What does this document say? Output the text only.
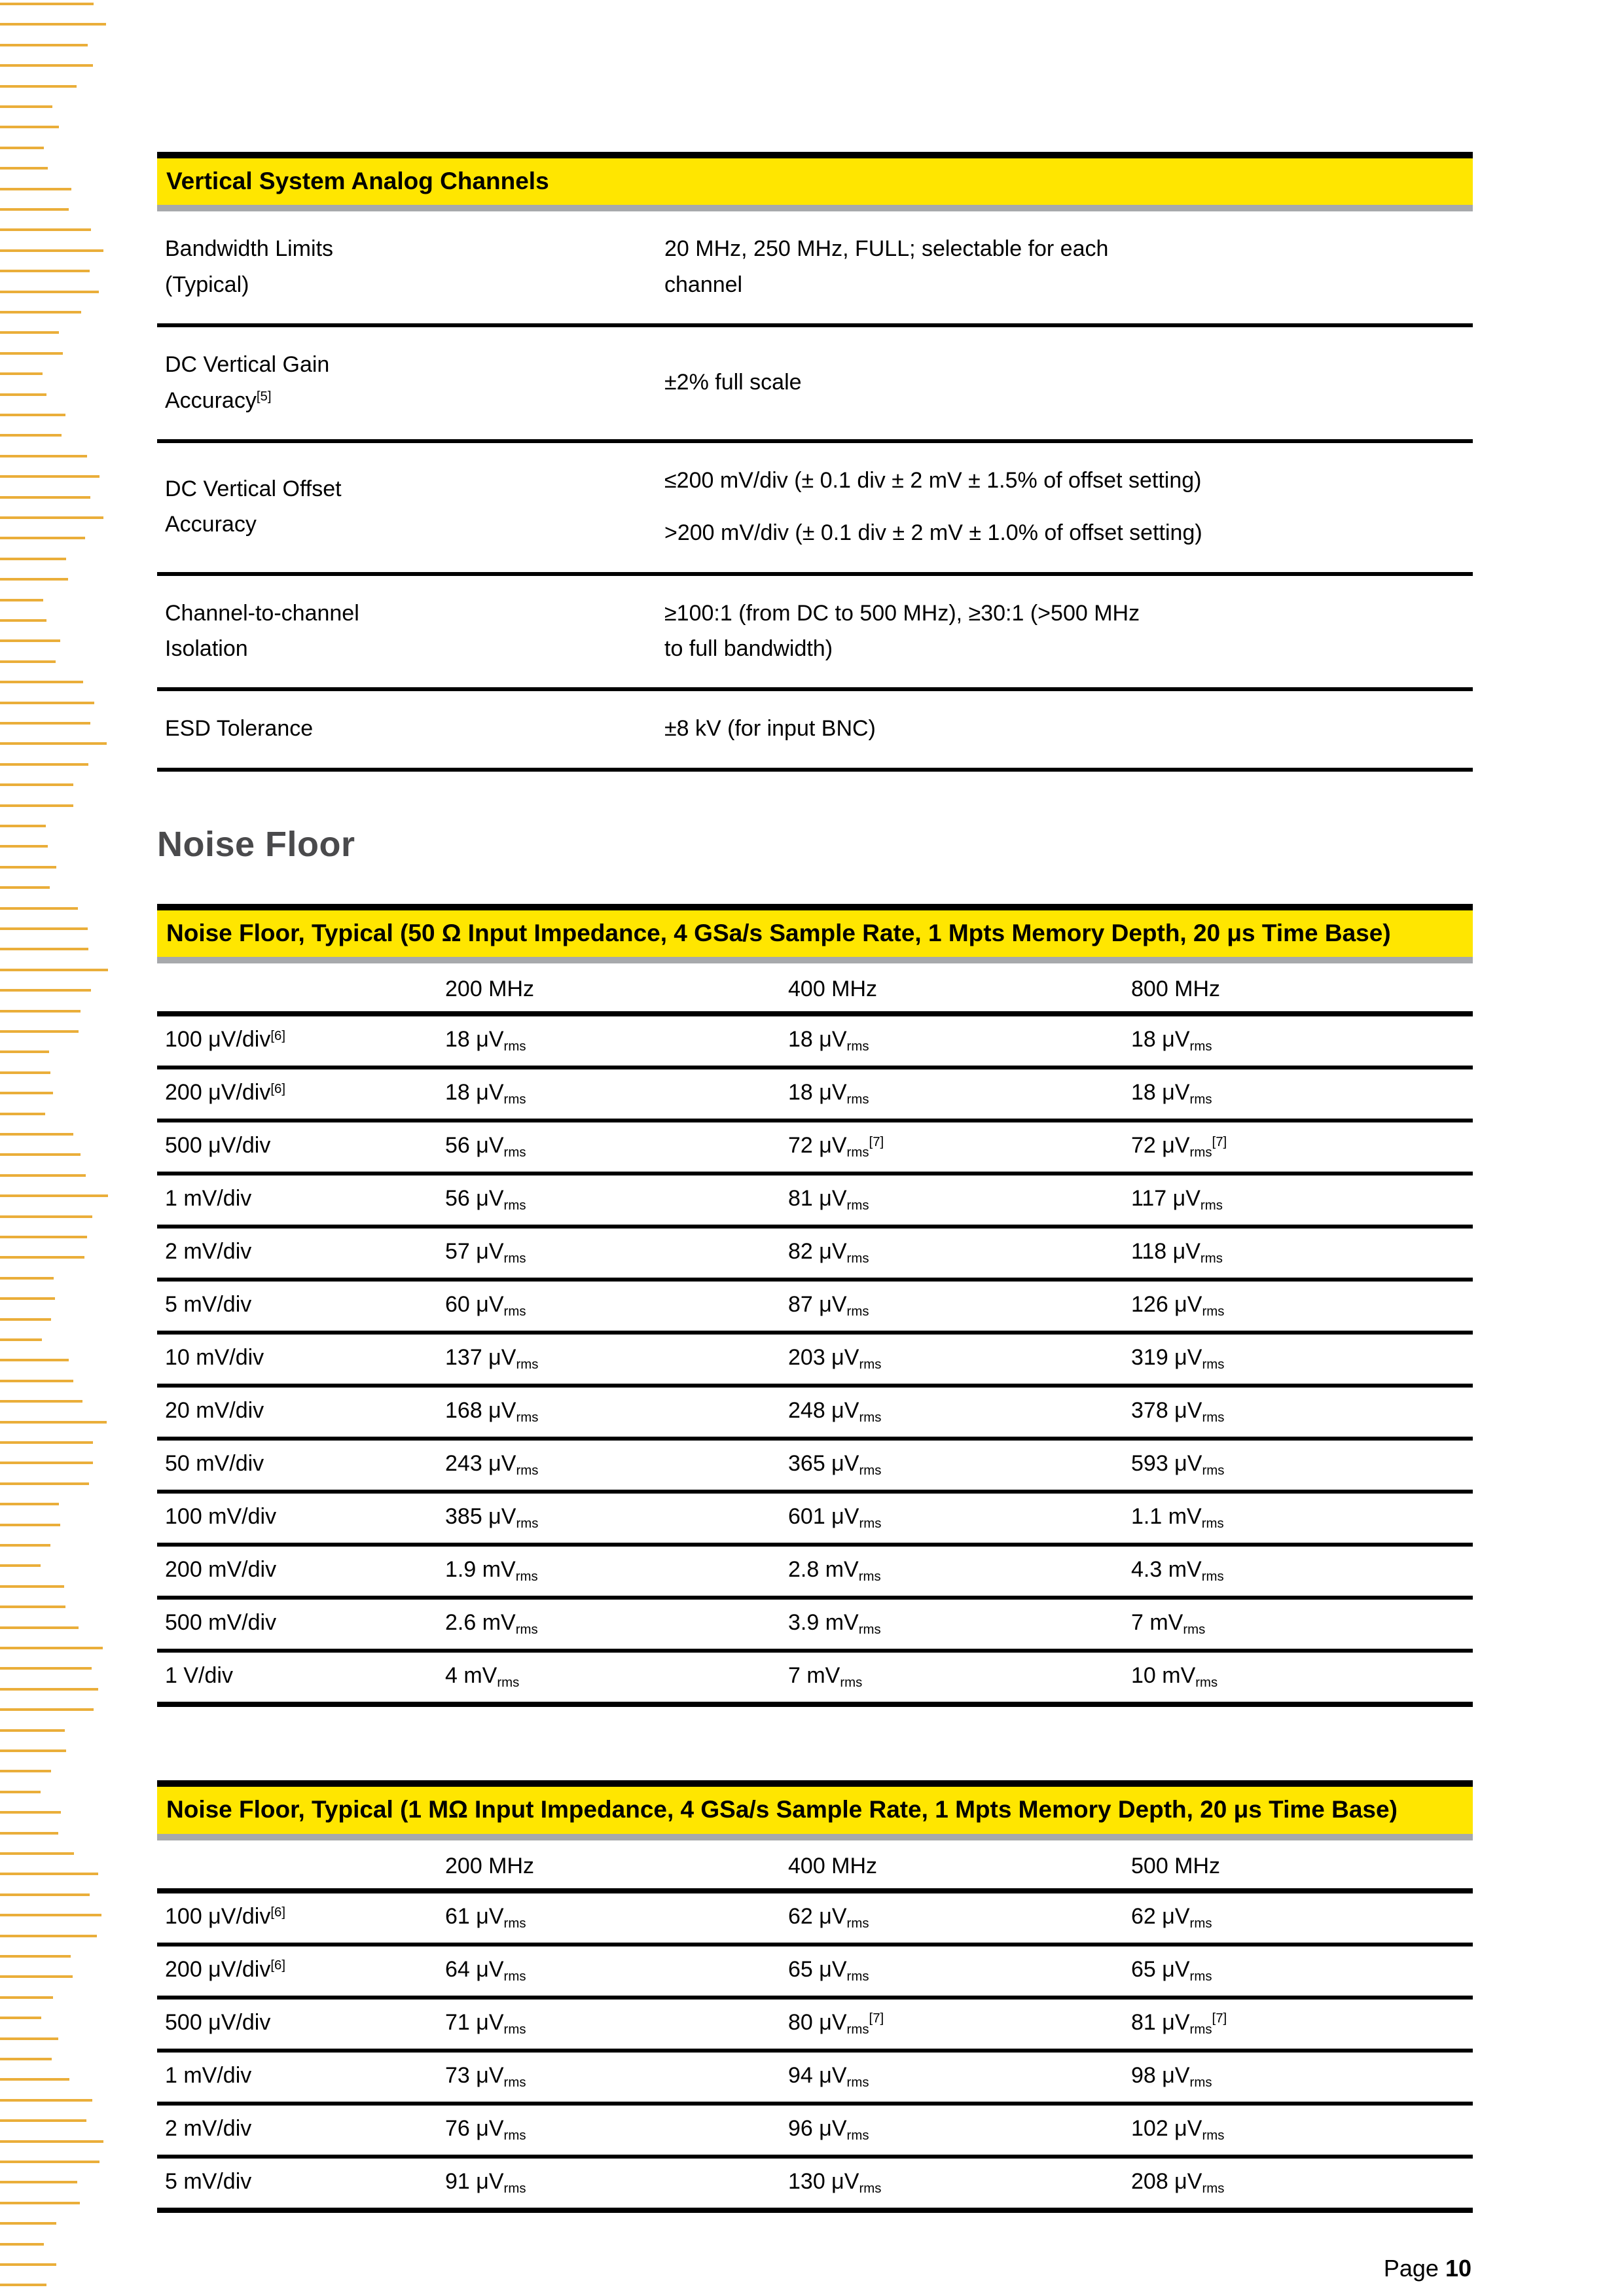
Vertical System Analog Channels	
Bandwidth Limits
(Typical)	20 MHz, 250 MHz, FULL; selectable for each
channel
DC Vertical Gain
Accuracy[5]	±2% full scale
DC Vertical Offset
Accuracy	

≤200 mV/div (± 0.1 div ± 2 mV ± 1.5% of offset setting)

>200 mV/div (± 0.1 div ± 2 mV ± 1.0% of offset setting)

Channel-to-channel
Isolation	≥100:1 (from DC to 500 MHz), ≥30:1 (>500 MHz
to full bandwidth)
ESD Tolerance	±8 kV (for input BNC)
Noise Floor
Noise Floor, Typical (50 Ω Input Impedance, 4 GSa/s Sample Rate, 1 Mpts Memory Depth, 20 μs Time Base)			
	200 MHz	400 MHz	800 MHz
100 μV/div[6]	18 $\mu V_{rms}$	18 $\mu V_{rms}$	18 $\mu V_{rms}$
200 μV/div[6]	18 $\mu V_{rms}$	18 $\mu V_{rms}$	18 $\mu V_{rms}$
500 μV/div	56 $\mu V_{rms}$	72 $\mu V_{rms}[7]$	72 $\mu V_{rms}[7]$
1 mV/div	56 $\mu V_{rms}$	81 $\mu V_{rms}$	117 $\mu V_{rms}$
2 mV/div	57 $\mu V_{rms}$	82 $\mu V_{rms}$	118 $\mu V_{rms}$
5 mV/div	60 $\mu V_{rms}$	87 $\mu V_{rms}$	126 $\mu V_{rms}$
10 mV/div	137 $\mu V_{rms}$	203 $\mu V_{rms}$	319 $\mu V_{rms}$
20 mV/div	168 $\mu V_{rms}$	248 $\mu V_{rms}$	378 $\mu V_{rms}$
50 mV/div	243 $\mu V_{rms}$	365 $\mu V_{rms}$	593 $\mu V_{rms}$
100 mV/div	385 $\mu V_{rms}$	601 $\mu V_{rms}$	1.1 $mV_{rms}$
200 mV/div	1.9 $mV_{rms}$	2.8 $mV_{rms}$	4.3 $mV_{rms}$
500 mV/div	2.6 $mV_{rms}$	3.9 $mV_{rms}$	7 $mV_{rms}$
1 V/div	4 $mV_{rms}$	7 $mV_{rms}$	10 $mV_{rms}$
Noise Floor, Typical (1 MΩ Input Impedance, 4 GSa/s Sample Rate, 1 Mpts Memory Depth, 20 μs Time Base)			
	200 MHz	400 MHz	500 MHz
100 μV/div[6]	61 $\mu V_{rms}$	62 $\mu V_{rms}$	62 $\mu V_{rms}$
200 μV/div[6]	64 $\mu V_{rms}$	65 $\mu V_{rms}$	65 $\mu V_{rms}$
500 μV/div	71 $\mu V_{rms}$	80 $\mu V_{rms}[7]$	81 $\mu V_{rms}[7]$
1 mV/div	73 $\mu V_{rms}$	94 $\mu V_{rms}$	98 $\mu V_{rms}$
2 mV/div	76 $\mu V_{rms}$	96 $\mu V_{rms}$	102 $\mu V_{rms}$
5 mV/div	91 $\mu V_{rms}$	130 $\mu V_{rms}$	208 $\mu V_{rms}$
Page 10
